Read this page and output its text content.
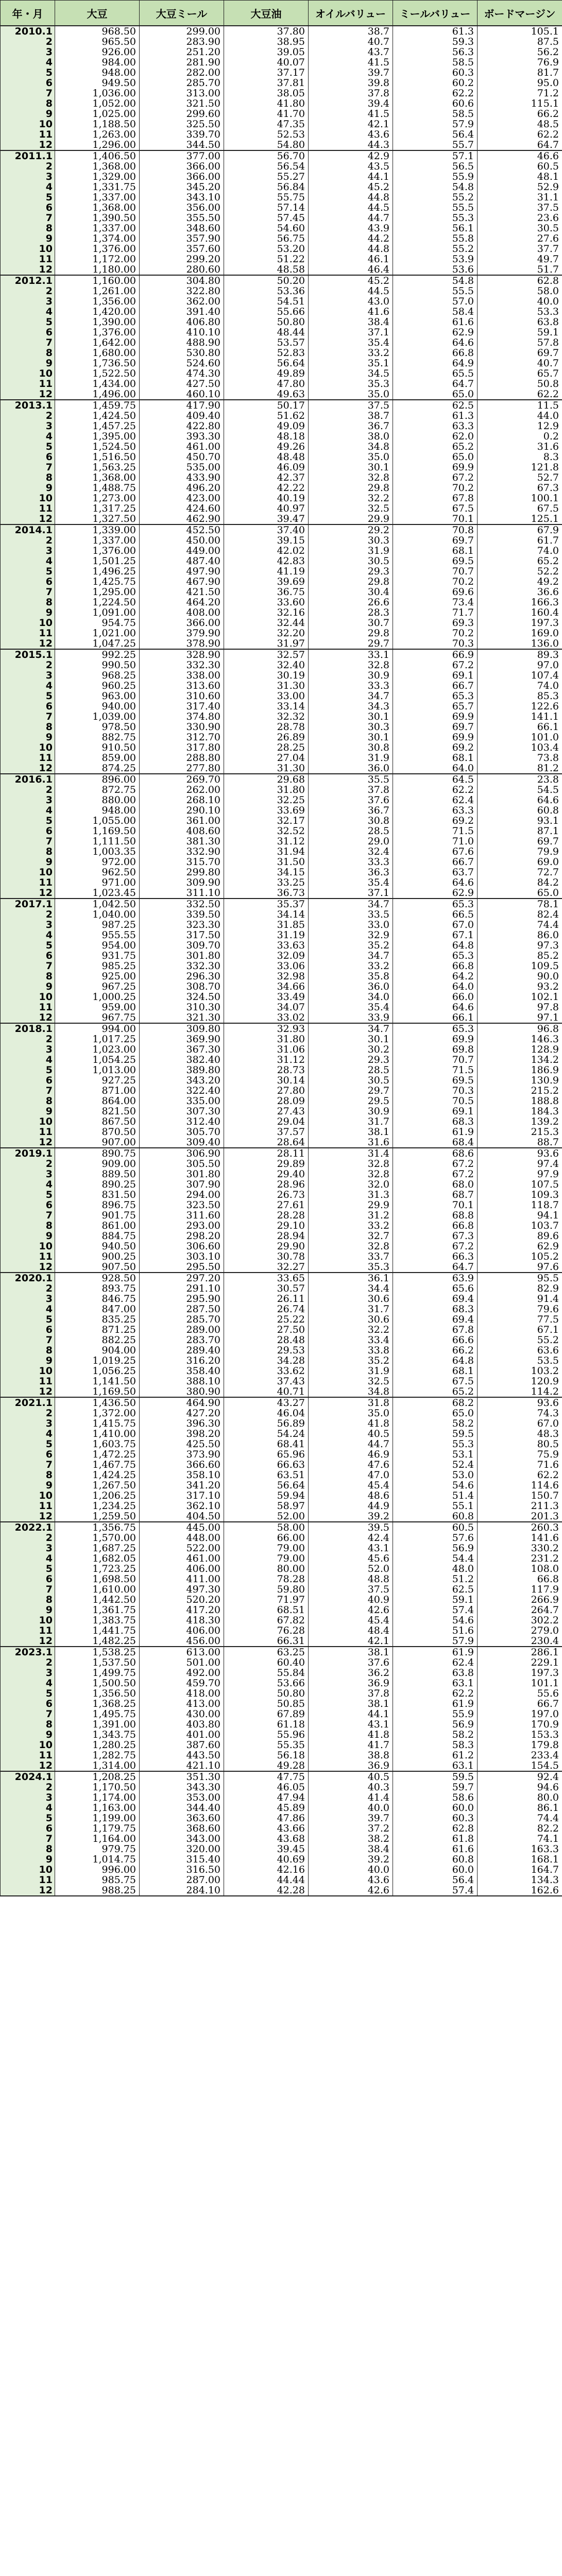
年・月	大豆	大豆ミール	大豆油	オイルバリュー	ミールバリュー	ボードマージン
2010.1	968.50	299.00	37.80	38.7	61.3	105.1
2	965.50	283.90	38.95	40.7	59.3	87.5
3	926.00	251.20	39.05	43.7	56.3	56.2
4	984.00	281.90	40.07	41.5	58.5	76.9
5	948.00	282.00	37.17	39.7	60.3	81.7
6	949.50	285.70	37.81	39.8	60.2	95.0
7	1,036.00	313.00	38.05	37.8	62.2	71.2
8	1,052.00	321.50	41.80	39.4	60.6	115.1
9	1,025.00	299.60	41.70	41.5	58.5	66.2
10	1,188.50	325.50	47.35	42.1	57.9	48.5
11	1,263.00	339.70	52.53	43.6	56.4	62.2
12	1,296.00	344.50	54.80	44.3	55.7	64.7
2011.1	1,406.50	377.00	56.70	42.9	57.1	46.6
2	1,368.00	366.00	56.54	43.5	56.5	60.5
3	1,329.00	366.00	55.27	44.1	55.9	48.1
4	1,331.75	345.20	56.84	45.2	54.8	52.9
5	1,337.00	343.10	55.75	44.8	55.2	31.1
6	1,368.00	356.00	57.14	44.5	55.5	37.5
7	1,390.50	355.50	57.45	44.7	55.3	23.6
8	1,337.00	348.60	54.60	43.9	56.1	30.5
9	1,374.00	357.90	56.75	44.2	55.8	27.6
10	1,376.00	357.60	53.20	44.8	55.2	37.7
11	1,172.00	299.20	51.22	46.1	53.9	49.7
12	1,180.00	280.60	48.58	46.4	53.6	51.7
2012.1	1,160.00	304.80	50.20	45.2	54.8	62.8
2	1,261.00	322.80	53.36	44.5	55.5	58.0
3	1,356.00	362.00	54.51	43.0	57.0	40.0
4	1,420.00	391.40	55.66	41.6	58.4	53.3
5	1,390.00	406.80	50.80	38.4	61.6	63.8
6	1,376.00	410.10	48.44	37.1	62.9	59.1
7	1,642.00	488.90	53.57	35.4	64.6	57.8
8	1,680.00	530.80	52.83	33.2	66.8	69.7
9	1,736.50	524.60	56.64	35.1	64.9	40.7
10	1,522.50	474.30	49.89	34.5	65.5	65.7
11	1,434.00	427.50	47.80	35.3	64.7	50.8
12	1,496.00	460.10	49.63	35.0	65.0	62.2
2013.1	1,459.75	417.90	50.17	37.5	62.5	11.5
2	1,424.50	409.40	51.62	38.7	61.3	44.0
3	1,457.25	422.80	49.09	36.7	63.3	12.9
4	1,395.00	393.30	48.18	38.0	62.0	0.2
5	1,524.50	461.00	49.26	34.8	65.2	31.6
6	1,516.50	450.70	48.48	35.0	65.0	8.3
7	1,563.25	535.00	46.09	30.1	69.9	121.8
8	1,368.00	433.90	42.37	32.8	67.2	52.7
9	1,488.75	496.20	42.22	29.8	70.2	67.3
10	1,273.00	423.00	40.19	32.2	67.8	100.1
11	1,317.25	424.60	40.97	32.5	67.5	67.5
12	1,327.50	462.90	39.47	29.9	70.1	125.1
2014.1	1,339.00	452.50	37.40	29.2	70.8	67.9
2	1,337.00	450.00	39.15	30.3	69.7	61.7
3	1,376.00	449.00	42.02	31.9	68.1	74.0
4	1,501.25	487.40	42.83	30.5	69.5	65.2
5	1,496.25	497.90	41.19	29.3	70.7	52.2
6	1,425.75	467.90	39.69	29.8	70.2	49.2
7	1,295.00	421.50	36.75	30.4	69.6	36.6
8	1,224.50	464.20	33.60	26.6	73.4	166.3
9	1,091.00	408.00	32.16	28.3	71.7	160.4
10	954.75	366.00	32.44	30.7	69.3	197.3
11	1,021.00	379.90	32.20	29.8	70.2	169.0
12	1,047.25	378.90	31.97	29.7	70.3	136.0
2015.1	992.25	328.90	32.57	33.1	66.9	89.3
2	990.50	332.30	32.40	32.8	67.2	97.0
3	968.25	338.00	30.19	30.9	69.1	107.4
4	960.25	313.60	31.30	33.3	66.7	74.0
5	963.00	310.60	33.00	34.7	65.3	85.3
6	940.00	317.40	33.14	34.3	65.7	122.6
7	1,039.00	374.80	32.32	30.1	69.9	141.1
8	978.50	330.90	28.78	30.3	69.7	66.1
9	882.75	312.70	26.89	30.1	69.9	101.0
10	910.50	317.80	28.25	30.8	69.2	103.4
11	859.00	288.80	27.04	31.9	68.1	73.8
12	874.25	277.80	31.30	36.0	64.0	81.2
2016.1	896.00	269.70	29.68	35.5	64.5	23.8
2	872.75	262.00	31.80	37.8	62.2	54.5
3	880.00	268.10	32.25	37.6	62.4	64.6
4	948.00	290.10	33.69	36.7	63.3	60.8
5	1,055.00	361.00	32.17	30.8	69.2	93.1
6	1,169.50	408.60	32.52	28.5	71.5	87.1
7	1,111.50	381.30	31.12	29.0	71.0	69.7
8	1,003.35	332.90	31.94	32.4	67.6	79.9
9	972.00	315.70	31.50	33.3	66.7	69.0
10	962.50	299.80	34.15	36.3	63.7	72.7
11	971.00	309.90	33.25	35.4	64.6	84.2
12	1,023.45	311.10	36.73	37.1	62.9	65.0
2017.1	1,042.50	332.50	35.37	34.7	65.3	78.1
2	1,040.00	339.50	34.14	33.5	66.5	82.4
3	987.25	323.30	31.85	33.0	67.0	74.4
4	955.55	317.50	31.19	32.9	67.1	86.0
5	954.00	309.70	33.63	35.2	64.8	97.3
6	931.75	301.80	32.09	34.7	65.3	85.2
7	985.25	332.30	33.06	33.2	66.8	109.5
8	925.00	296.30	32.98	35.8	64.2	90.0
9	967.25	308.70	34.66	36.0	64.0	93.2
10	1,000.25	324.50	33.49	34.0	66.0	102.1
11	959.00	310.30	34.07	35.4	64.6	97.8
12	967.75	321.30	33.02	33.9	66.1	97.1
2018.1	994.00	309.80	32.93	34.7	65.3	96.8
2	1,017.25	369.90	31.80	30.1	69.9	146.3
3	1,023.00	367.30	31.06	30.2	69.8	128.9
4	1,054.25	382.40	31.12	29.3	70.7	134.2
5	1,013.00	389.80	28.73	28.5	71.5	186.9
6	927.25	343.20	30.14	30.5	69.5	130.9
7	871.00	322.40	27.80	29.7	70.3	215.2
8	864.00	335.00	28.09	29.5	70.5	188.8
9	821.50	307.30	27.43	30.9	69.1	184.3
10	867.50	312.40	29.04	31.7	68.3	139.2
11	870.50	305.70	37.57	38.1	61.9	215.3
12	907.00	309.40	28.64	31.6	68.4	88.7
2019.1	890.75	306.90	28.11	31.4	68.6	93.6
2	909.00	305.50	29.89	32.8	67.2	97.4
3	889.50	301.80	29.40	32.8	67.2	97.9
4	890.25	307.90	28.96	32.0	68.0	107.5
5	831.50	294.00	26.73	31.3	68.7	109.3
6	896.75	323.50	27.61	29.9	70.1	118.7
7	901.75	311.60	28.28	31.2	68.8	94.1
8	861.00	293.00	29.10	33.2	66.8	103.7
9	884.75	298.20	28.94	32.7	67.3	89.6
10	940.50	306.60	29.90	32.8	67.2	62.9
11	900.25	303.10	30.78	33.7	66.3	105.2
12	907.50	295.50	32.27	35.3	64.7	97.6
2020.1	928.50	297.20	33.65	36.1	63.9	95.5
2	893.75	291.10	30.57	34.4	65.6	82.9
3	846.75	295.90	26.11	30.6	69.4	91.4
4	847.00	287.50	26.74	31.7	68.3	79.6
5	835.25	285.70	25.22	30.6	69.4	77.5
6	871.25	289.00	27.50	32.2	67.8	67.1
7	882.25	283.70	28.48	33.4	66.6	55.2
8	904.00	289.40	29.53	33.8	66.2	63.6
9	1,019.25	316.20	34.28	35.2	64.8	53.5
10	1,056.25	358.40	33.62	31.9	68.1	103.2
11	1,141.50	388.10	37.43	32.5	67.5	120.9
12	1,169.50	380.90	40.71	34.8	65.2	114.2
2021.1	1,436.50	464.90	43.27	31.8	68.2	93.6
2	1,372.00	427.20	46.04	35.0	65.0	74.3
3	1,415.75	396.30	56.89	41.8	58.2	67.0
4	1,410.00	398.20	54.24	40.5	59.5	48.3
5	1,603.75	425.50	68.41	44.7	55.3	80.5
6	1,472.25	373.90	65.96	46.9	53.1	75.9
7	1,467.75	366.60	66.63	47.6	52.4	71.6
8	1,424.25	358.10	63.51	47.0	53.0	62.2
9	1,267.50	341.20	56.64	45.4	54.6	114.6
10	1,206.25	317.10	59.94	48.6	51.4	150.7
11	1,234.25	362.10	58.97	44.9	55.1	211.3
12	1,259.50	404.50	52.00	39.2	60.8	201.3
2022.1	1,356.75	445.00	58.00	39.5	60.5	260.3
2	1,570.00	448.00	66.00	42.4	57.6	141.6
3	1,687.25	522.00	79.00	43.1	56.9	330.2
4	1,682.05	461.00	79.00	45.6	54.4	231.2
5	1,723.25	406.00	80.00	52.0	48.0	108.0
6	1,698.50	411.00	78.28	48.8	51.2	66.8
7	1,610.00	497.30	59.80	37.5	62.5	117.9
8	1,442.50	520.20	71.97	40.9	59.1	266.9
9	1,361.75	417.20	68.51	42.6	57.4	264.7
10	1,383.75	418.30	67.82	45.4	54.6	302.2
11	1,441.75	406.00	76.28	48.4	51.6	279.0
12	1,482.25	456.00	66.31	42.1	57.9	230.4
2023.1	1,538.25	613.00	63.25	38.1	61.9	286.1
2	1,537.50	501.00	60.40	37.6	62.4	229.1
3	1,499.75	492.00	55.84	36.2	63.8	197.3
4	1,500.50	459.70	53.66	36.9	63.1	101.1
5	1,356.50	418.00	50.80	37.8	62.2	55.6
6	1,368.25	413.00	50.85	38.1	61.9	66.7
7	1,495.75	430.00	67.89	44.1	55.9	197.0
8	1,391.00	403.80	61.18	43.1	56.9	170.9
9	1,343.75	401.00	55.96	41.8	58.2	153.3
10	1,280.25	387.60	55.35	41.7	58.3	179.8
11	1,282.75	443.50	56.18	38.8	61.2	233.4
12	1,314.00	421.10	49.28	36.9	63.1	154.5
2024.1	1,208.25	351.30	47.75	40.5	59.5	92.4
2	1,170.50	343.30	46.05	40.3	59.7	94.6
3	1,174.00	353.00	47.94	41.4	58.6	80.0
4	1,163.00	344.40	45.89	40.0	60.0	86.1
5	1,199.00	363.60	47.86	39.7	60.3	74.4
6	1,179.75	368.60	43.66	37.2	62.8	82.2
7	1,164.00	343.00	43.68	38.2	61.8	74.1
8	979.75	320.00	39.45	38.4	61.6	163.3
9	1,014.75	315.40	40.69	39.2	60.8	168.1
10	996.00	316.50	42.16	40.0	60.0	164.7
11	985.75	287.00	44.44	43.6	56.4	134.3
12	988.25	284.10	42.28	42.6	57.4	162.6
